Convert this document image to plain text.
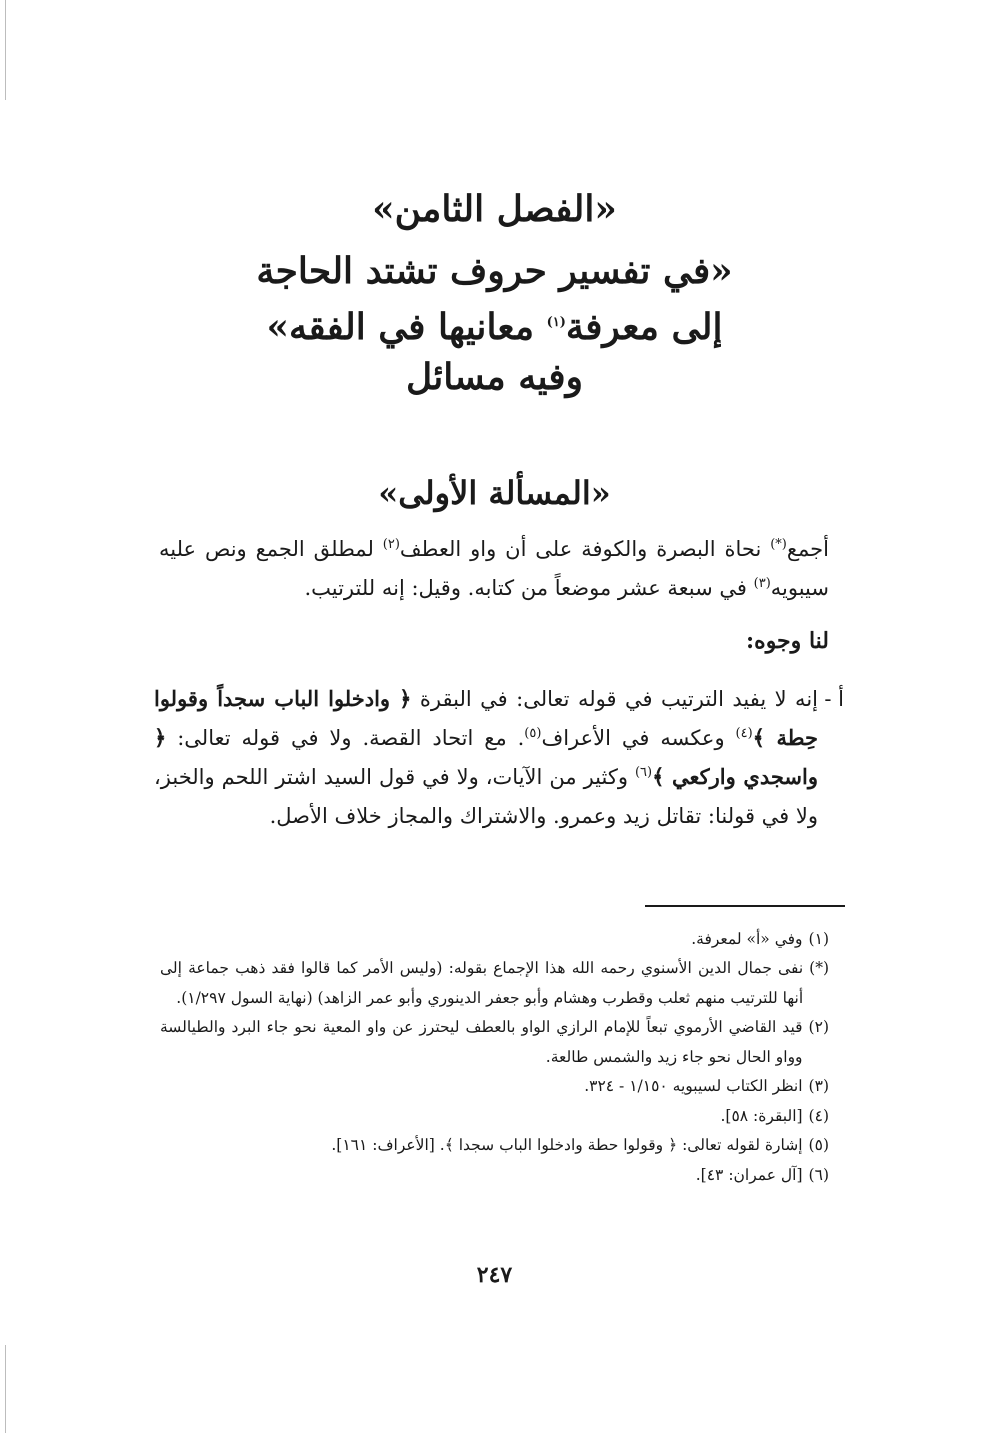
«الفصل الثامن»
«في تفسير حروف تشتد الحاجة
إلى معرفة$^{(١)}$ معانيها في الفقه»
وفيه مسائل
«المسألة الأولى»
أجمع(*) نحاة البصرة والكوفة على أن واو العطف$^{(٢)}$ لمطلق الجمع ونص عليه سيبويه$^{(٣)}$ في سبعة عشر موضعاً من كتابه. وقيل: إنه للترتيب.
لنا وجوه:
أ -
إنه لا يفيد الترتيب في قوله تعالى: في البقرة ﴿ وادخلوا الباب سجداً وقولوا حِطة ﴾$^{(٤)}$ وعكسه في الأعراف$^{(٥)}$. مع اتحاد القصة. ولا في قوله تعالى: ﴿ واسجدي واركعي ﴾$^{(٦)}$ وكثير من الآيات، ولا في قول السيد اشتر اللحم والخبز، ولا في قولنا: تقاتل زيد وعمرو. والاشتراك والمجاز خلاف الأصل.
(١)
وفي «أ» لمعرفة.
(*)
نفى جمال الدين الأسنوي رحمه الله هذا الإجماع بقوله: (وليس الأمر كما قالوا فقد ذهب جماعة إلى أنها للترتيب منهم ثعلب وقطرب وهشام وأبو جعفر الدينوري وأبو عمر الزاهد) (نهاية السول ١/٢٩٧).
(٢)
قيد القاضي الأرموي تبعاً للإمام الرازي الواو بالعطف ليحترز عن واو المعية نحو جاء البرد والطيالسة وواو الحال نحو جاء زيد والشمس طالعة.
(٣)
انظر الكتاب لسيبويه ١/١٥٠ - ٣٢٤.
(٤)
[البقرة: ٥٨].
(٥)
إشارة لقوله تعالى: ﴿ وقولوا حطة وادخلوا الباب سجدا ﴾. [الأعراف: ١٦١].
(٦)
[آل عمران: ٤٣].
٢٤٧
